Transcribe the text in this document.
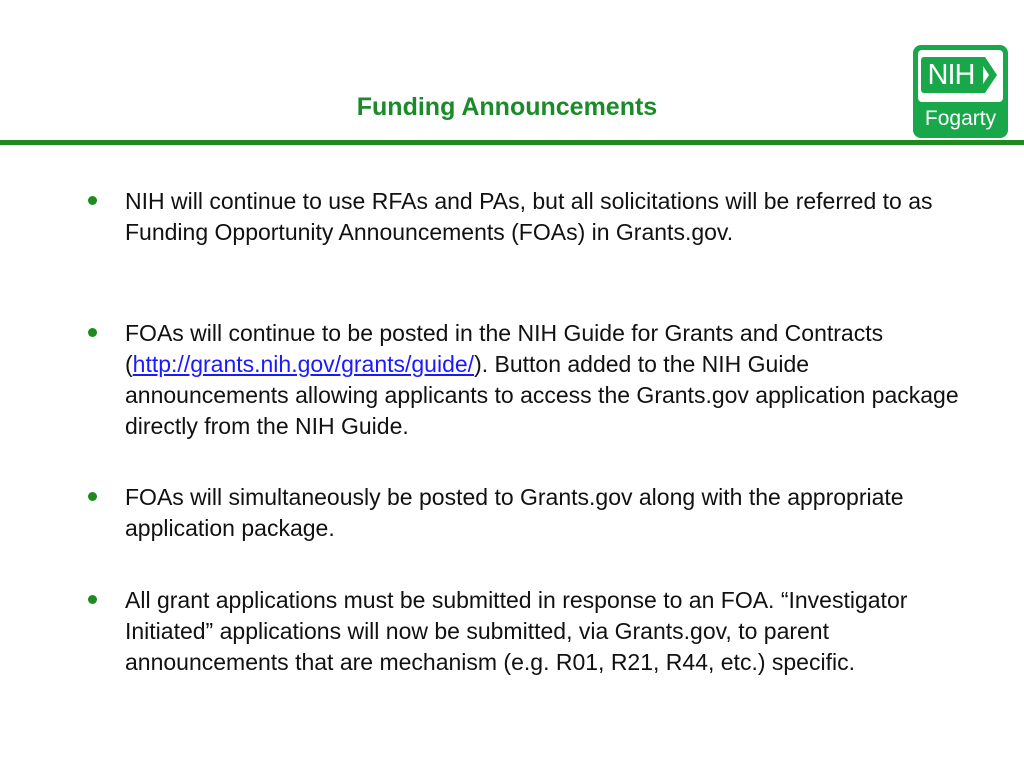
Funding Announcements
NIH
Fogarty
NIH will continue to use RFAs and PAs, but all solicitations will be referred to as Funding Opportunity Announcements (FOAs) in Grants.gov.
FOAs will continue to be posted in the NIH Guide for Grants and Contracts (http://grants.nih.gov/grants/guide/). Button added to the NIH Guide announcements allowing applicants to access the Grants.gov application package directly from the NIH Guide.
FOAs will simultaneously be posted to Grants.gov along with the appropriate application package.
All grant applications must be submitted in response to an FOA. “Investigator Initiated” applications will now be submitted, via Grants.gov, to parent announcements that are mechanism (e.g. R01, R21, R44, etc.) specific.
